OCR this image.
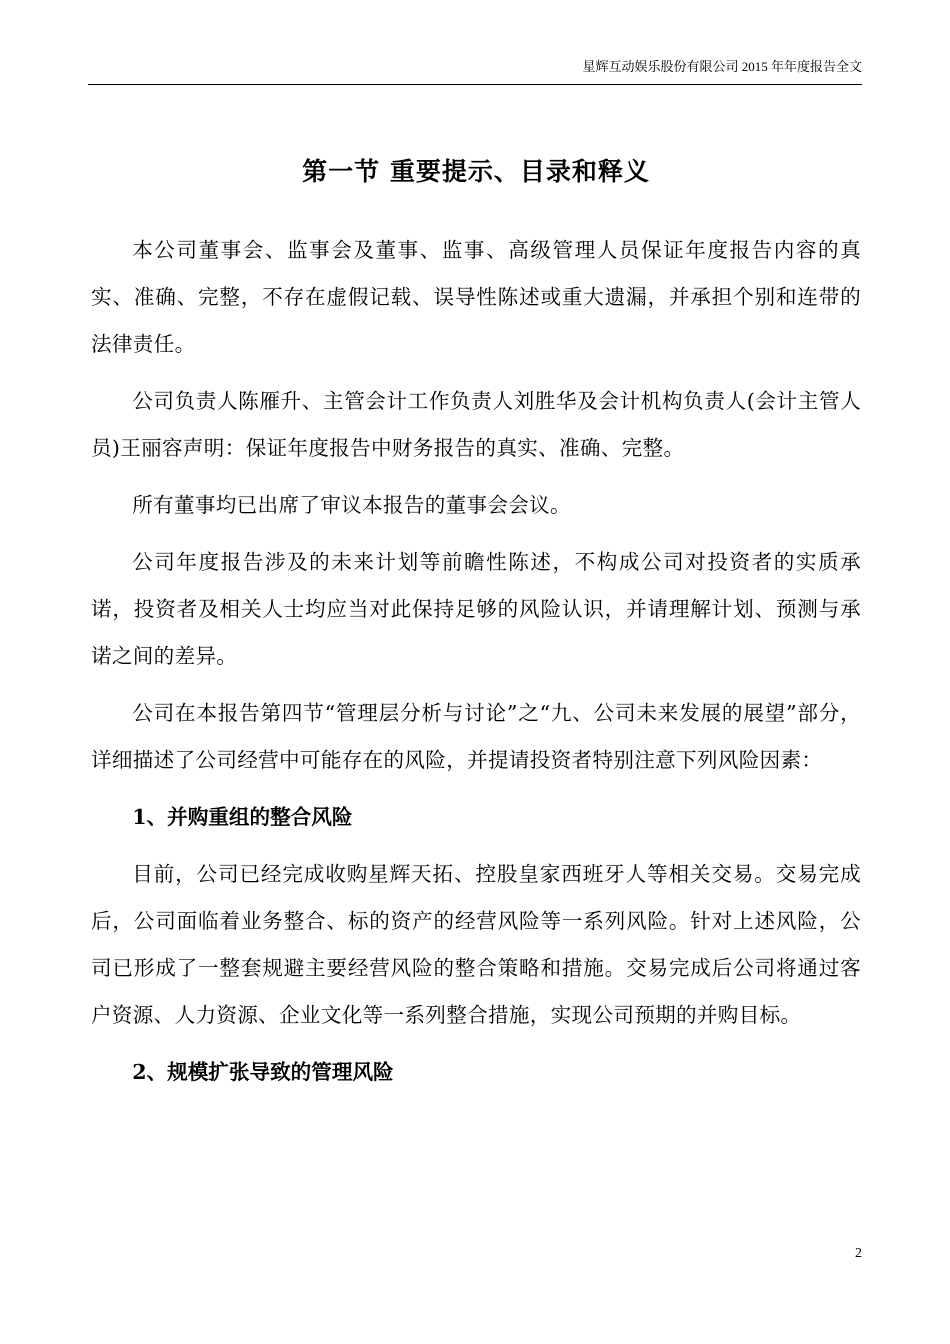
星辉互动娱乐股份有限公司 2015 年年度报告全文
第一节 重要提示、目录和释义

本公司董事会、监事会及董事、监事、高级管理人员保证年度报告内容的真实、准确、完整，不存在虚假记载、误导性陈述或重大遗漏，并承担个别和连带的法律责任。

公司负责人陈雁升、主管会计工作负责人刘胜华及会计机构负责人(会计主管人员)王丽容声明：保证年度报告中财务报告的真实、准确、完整。

所有董事均已出席了审议本报告的董事会会议。

公司年度报告涉及的未来计划等前瞻性陈述，不构成公司对投资者的实质承诺，投资者及相关人士均应当对此保持足够的风险认识，并请理解计划、预测与承诺之间的差异。

公司在本报告第四节“管理层分析与讨论”之“九、公司未来发展的展望”部分，详细描述了公司经营中可能存在的风险，并提请投资者特别注意下列风险因素：

1、并购重组的整合风险

目前，公司已经完成收购星辉天拓、控股皇家西班牙人等相关交易。交易完成后，公司面临着业务整合、标的资产的经营风险等一系列风险。针对上述风险，公司已形成了一整套规避主要经营风险的整合策略和措施。交易完成后公司将通过客户资源、人力资源、企业文化等一系列整合措施，实现公司预期的并购目标。

2、规模扩张导致的管理风险

2
